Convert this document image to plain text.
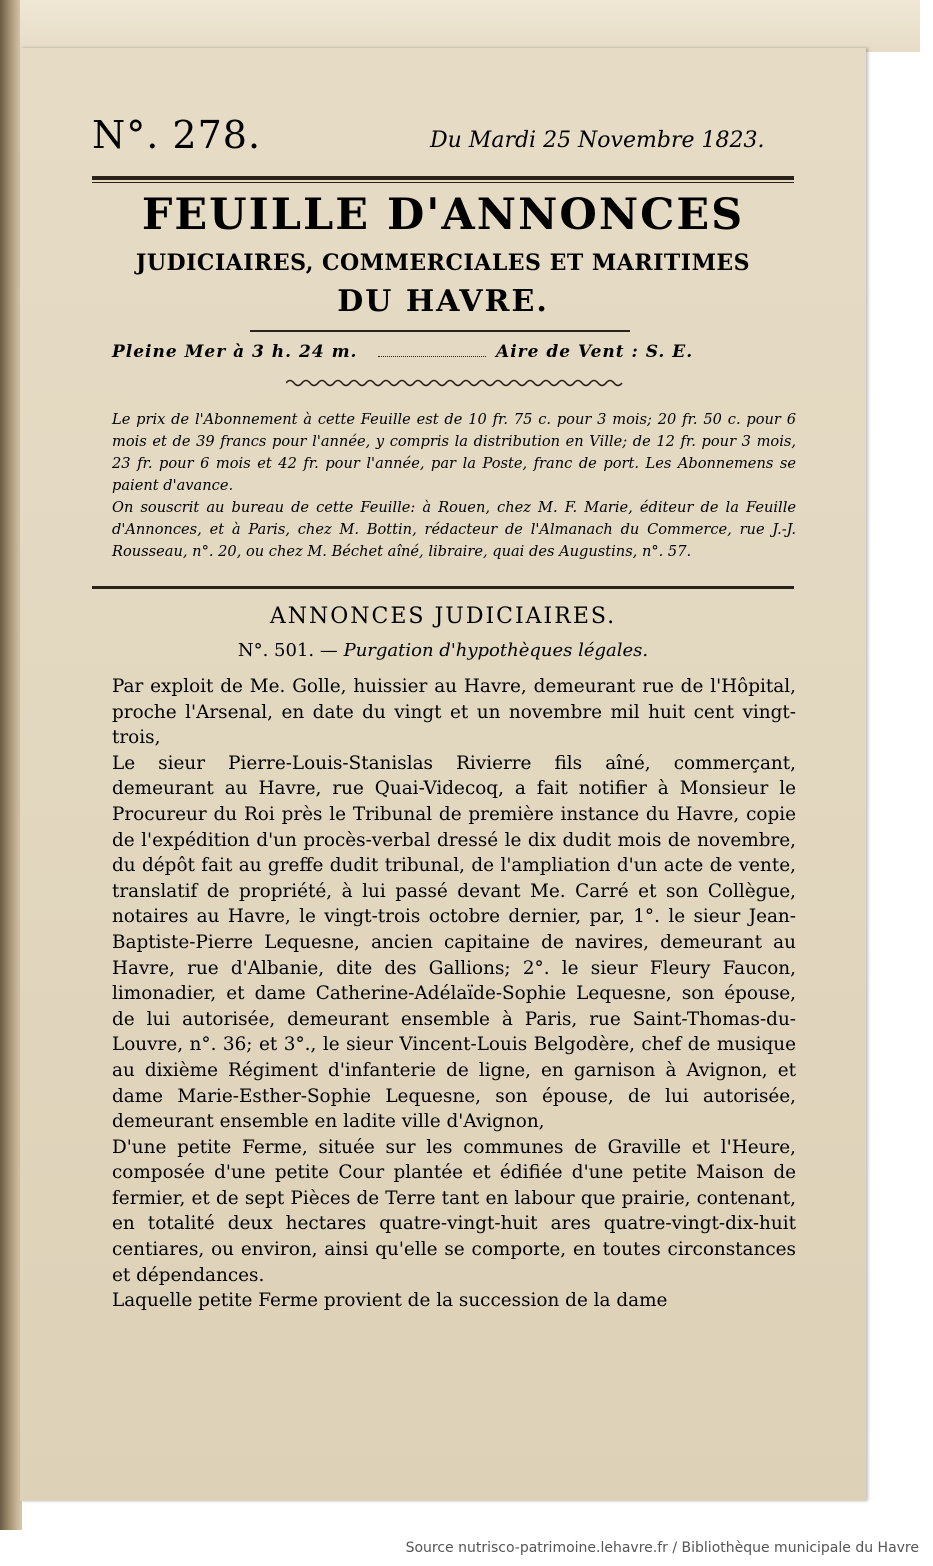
N°. 278.	Du Mardi 25 Novembre 1823.
FEUILLE D'ANNONCES
JUDICIAIRES, COMMERCIALES ET MARITIMES
DU HAVRE.
Pleine Mer à 3 h. 24 m.	Aire de Vent : S. E.

Le prix de l'Abonnement à cette Feuille est de 10 fr. 75 c. pour 3 mois; 20 fr. 50 c. pour 6 mois et de 39 francs pour l'année, y compris la distribution en Ville; de 12 fr. pour 3 mois, 23 fr. pour 6 mois et 42 fr. pour l'année, par la Poste, franc de port. Les Abonnemens se paient d'avance.

On souscrit au bureau de cette Feuille: à Rouen, chez M. F. Marie, éditeur de la Feuille d'Annonces, et à Paris, chez M. Bottin, rédacteur de l'Almanach du Commerce, rue J.-J. Rousseau, n°. 20, ou chez M. Béchet aîné, libraire, quai des Augustins, n°. 57.

ANNONCES JUDICIAIRES.
N°. 501. — Purgation d'hypothèques légales.

Par exploit de Me. Golle, huissier au Havre, demeurant rue de l'Hôpital, proche l'Arsenal, en date du vingt et un novembre mil huit cent vingt-trois,

Le sieur Pierre-Louis-Stanislas Rivierre fils aîné, commerçant, demeurant au Havre, rue Quai-Videcoq, a fait notifier à Monsieur le Procureur du Roi près le Tribunal de première instance du Havre, copie de l'expédition d'un procès-verbal dressé le dix dudit mois de novembre, du dépôt fait au greffe dudit tribunal, de l'ampliation d'un acte de vente, translatif de propriété, à lui passé devant Me. Carré et son Collègue, notaires au Havre, le vingt-trois octobre dernier, par, 1°. le sieur Jean-Baptiste-Pierre Lequesne, ancien capitaine de navires, demeurant au Havre, rue d'Albanie, dite des Gallions; 2°. le sieur Fleury Faucon, limonadier, et dame Catherine-Adélaïde-Sophie Lequesne, son épouse, de lui autorisée, demeurant ensemble à Paris, rue Saint-Thomas-du-Louvre, n°. 36; et 3°., le sieur Vincent-Louis Belgodère, chef de musique au dixième Régiment d'infanterie de ligne, en garnison à Avignon, et dame Marie-Esther-Sophie Lequesne, son épouse, de lui autorisée, demeurant ensemble en ladite ville d'Avignon,

D'une petite Ferme, située sur les communes de Graville et l'Heure, composée d'une petite Cour plantée et édifiée d'une petite Maison de fermier, et de sept Pièces de Terre tant en labour que prairie, contenant, en totalité deux hectares quatre-vingt-huit ares quatre-vingt-dix-huit centiares, ou environ, ainsi qu'elle se comporte, en toutes circonstances et dépendances.

Laquelle petite Ferme provient de la succession de la dame

Source nutrisco-patrimoine.lehavre.fr / Bibliothèque municipale du Havre
